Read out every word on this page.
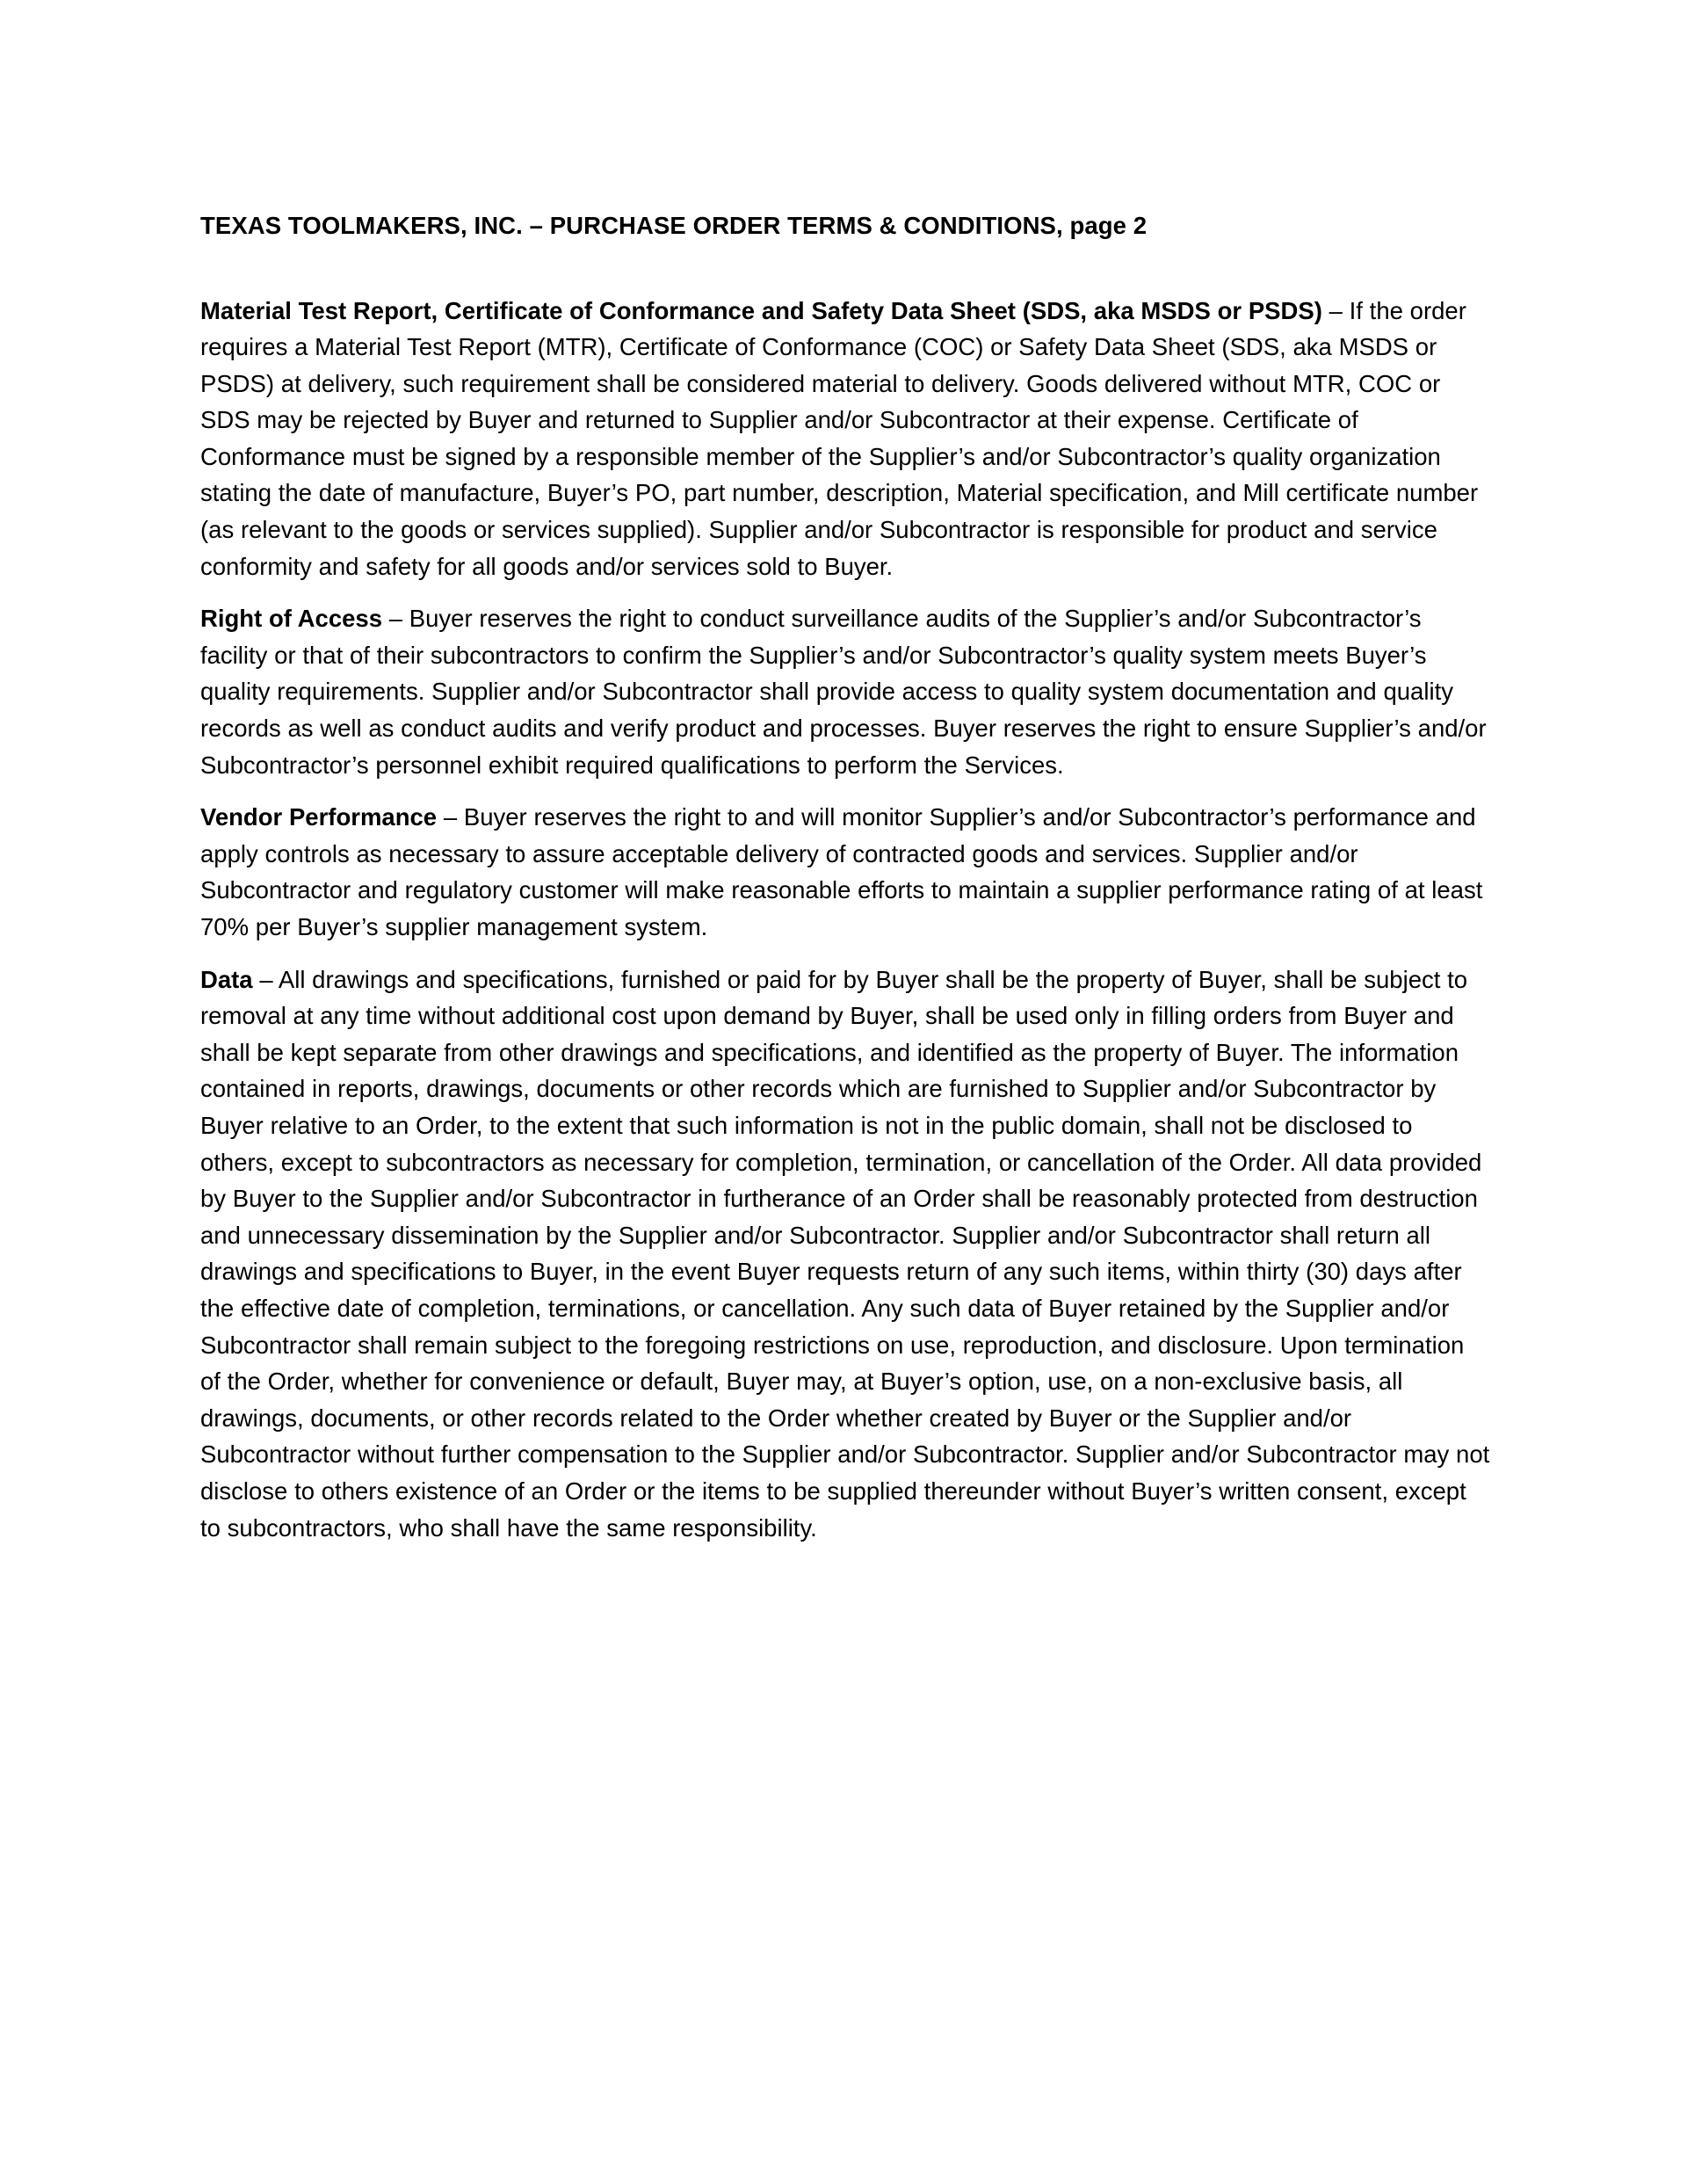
TEXAS TOOLMAKERS, INC. – PURCHASE ORDER TERMS & CONDITIONS, page 2

Material Test Report, Certificate of Conformance and Safety Data Sheet (SDS, aka MSDS or PSDS) – If the order requires a Material Test Report (MTR), Certificate of Conformance (COC) or Safety Data Sheet (SDS, aka MSDS or PSDS) at delivery, such requirement shall be considered material to delivery. Goods delivered without MTR, COC or SDS may be rejected by Buyer and returned to Supplier and/or Subcontractor at their expense. Certificate of Conformance must be signed by a responsible member of the Supplier’s and/or Subcontractor’s quality organization stating the date of manufacture, Buyer’s PO, part number, description, Material specification, and Mill certificate number (as relevant to the goods or services supplied). Supplier and/or Subcontractor is responsible for product and service conformity and safety for all goods and/or services sold to Buyer.

Right of Access – Buyer reserves the right to conduct surveillance audits of the Supplier’s and/or Subcontractor’s facility or that of their subcontractors to confirm the Supplier’s and/or Subcontractor’s quality system meets Buyer’s quality requirements. Supplier and/or Subcontractor shall provide access to quality system documentation and quality records as well as conduct audits and verify product and processes. Buyer reserves the right to ensure Supplier’s and/or Subcontractor’s personnel exhibit required qualifications to perform the Services.

Vendor Performance – Buyer reserves the right to and will monitor Supplier’s and/or Subcontractor’s performance and apply controls as necessary to assure acceptable delivery of contracted goods and services. Supplier and/or Subcontractor and regulatory customer will make reasonable efforts to maintain a supplier performance rating of at least 70% per Buyer’s supplier management system.

Data – All drawings and specifications, furnished or paid for by Buyer shall be the property of Buyer, shall be subject to removal at any time without additional cost upon demand by Buyer, shall be used only in filling orders from Buyer and shall be kept separate from other drawings and specifications, and identified as the property of Buyer. The information contained in reports, drawings, documents or other records which are furnished to Supplier and/or Subcontractor by Buyer relative to an Order, to the extent that such information is not in the public domain, shall not be disclosed to others, except to subcontractors as necessary for completion, termination, or cancellation of the Order. All data provided by Buyer to the Supplier and/or Subcontractor in furtherance of an Order shall be reasonably protected from destruction and unnecessary dissemination by the Supplier and/or Subcontractor. Supplier and/or Subcontractor shall return all drawings and specifications to Buyer, in the event Buyer requests return of any such items, within thirty (30) days after the effective date of completion, terminations, or cancellation. Any such data of Buyer retained by the Supplier and/or Subcontractor shall remain subject to the foregoing restrictions on use, reproduction, and disclosure. Upon termination of the Order, whether for convenience or default, Buyer may, at Buyer’s option, use, on a non-exclusive basis, all drawings, documents, or other records related to the Order whether created by Buyer or the Supplier and/or Subcontractor without further compensation to the Supplier and/or Subcontractor. Supplier and/or Subcontractor may not disclose to others existence of an Order or the items to be supplied thereunder without Buyer’s written consent, except to subcontractors, who shall have the same responsibility.
